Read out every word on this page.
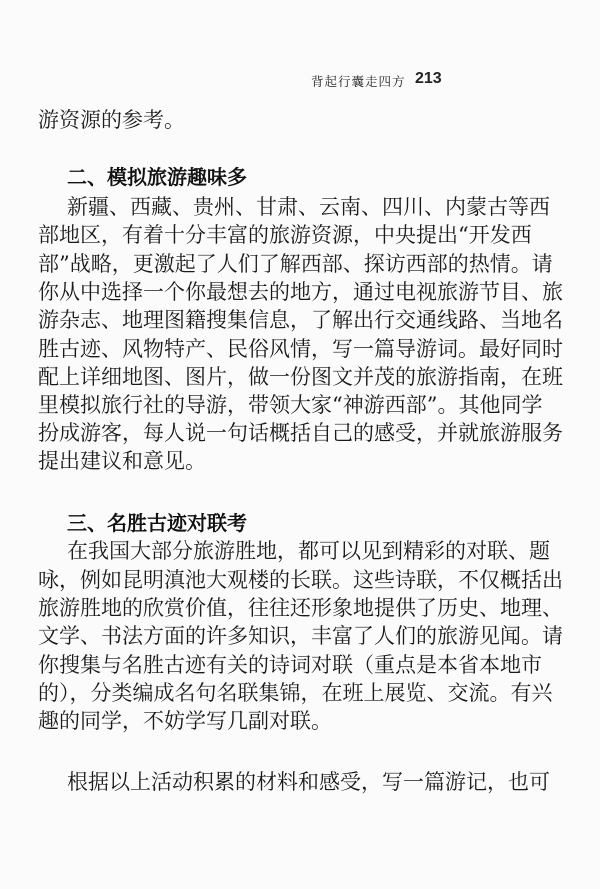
背起行囊走四方 213
游资源的参考。
二、模拟旅游趣味多
新疆、西藏、贵州、甘肃、云南、四川、内蒙古等西
部地区，有着十分丰富的旅游资源，中央提出“开发西
部”战略，更激起了人们了解西部、探访西部的热情。请
你从中选择一个你最想去的地方，通过电视旅游节目、旅
游杂志、地理图籍搜集信息，了解出行交通线路、当地名
胜古迹、风物特产、民俗风情，写一篇导游词。最好同时
配上详细地图、图片，做一份图文并茂的旅游指南，在班
里模拟旅行社的导游，带领大家“神游西部”。其他同学
扮成游客，每人说一句话概括自己的感受，并就旅游服务
提出建议和意见。
三、名胜古迹对联考
在我国大部分旅游胜地，都可以见到精彩的对联、题
咏，例如昆明滇池大观楼的长联。这些诗联，不仅概括出
旅游胜地的欣赏价值，往往还形象地提供了历史、地理、
文学、书法方面的许多知识，丰富了人们的旅游见闻。请
你搜集与名胜古迹有关的诗词对联（重点是本省本地市
的），分类编成名句名联集锦，在班上展览、交流。有兴
趣的同学，不妨学写几副对联。
根据以上活动积累的材料和感受，写一篇游记，也可
